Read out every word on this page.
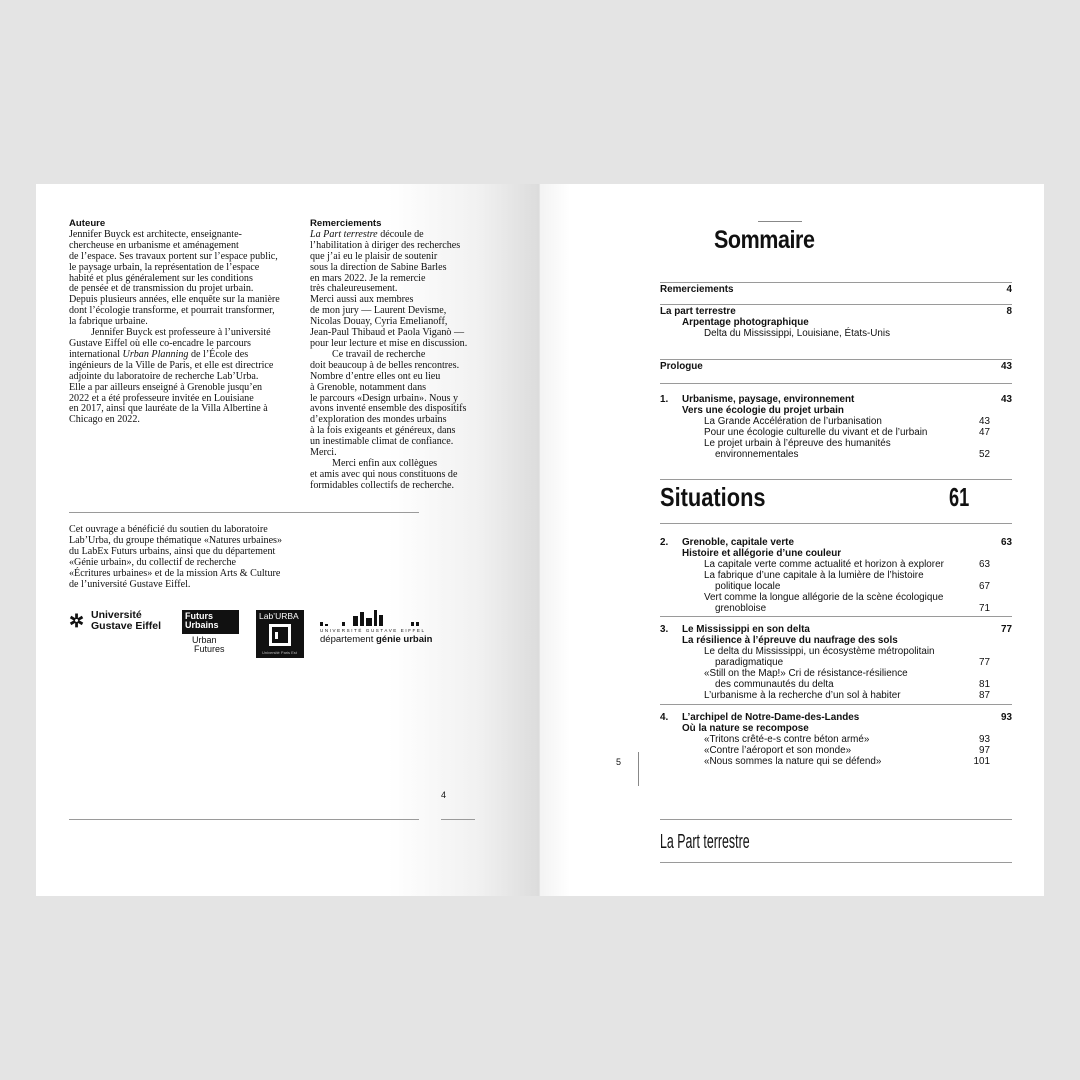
Auteure
Jennifer Buyck est architecte, enseignante-
chercheuse en urbanisme et aménagement
de l’espace. Ses travaux portent sur l’espace public,
le paysage urbain, la représentation de l’espace
habité et plus généralement sur les conditions
de pensée et de transmission du projet urbain.
Depuis plusieurs années, elle enquête sur la manière
dont l’écologie transforme, et pourrait transformer,
la fabrique urbaine.
Jennifer Buyck est professeure à l’université
Gustave Eiffel où elle co-encadre le parcours
international Urban Planning de l’École des
ingénieurs de la Ville de Paris, et elle est directrice
adjointe du laboratoire de recherche Lab’Urba.
Elle a par ailleurs enseigné à Grenoble jusqu’en
2022 et a été professeure invitée en Louisiane
en 2017, ainsi que lauréate de la Villa Albertine à
Chicago en 2022.
Remerciements
La Part terrestre découle de
l’habilitation à diriger des recherches
que j’ai eu le plaisir de soutenir
sous la direction de Sabine Barles
en mars 2022. Je la remercie
très chaleureusement.
Merci aussi aux membres
de mon jury — Laurent Devisme,
Nicolas Douay, Cyria Emelianoff,
Jean-Paul Thibaud et Paola Viganò —
pour leur lecture et mise en discussion.
Ce travail de recherche
doit beaucoup à de belles rencontres.
Nombre d’entre elles ont eu lieu
à Grenoble, notamment dans
le parcours «Design urbain». Nous y
avons inventé ensemble des dispositifs
d’exploration des mondes urbains
à la fois exigeants et généreux, dans
un inestimable climat de confiance.
Merci.
Merci enfin aux collègues
et amis avec qui nous constituons de
formidables collectifs de recherche.
Cet ouvrage a bénéficié du soutien du laboratoire
Lab’Urba, du groupe thématique «Natures urbaines»
du LabEx Futurs urbains, ainsi que du département
«Génie urbain», du collectif de recherche
«Écritures urbaines» et de la mission Arts & Culture
de l’université Gustave Eiffel.
✲ Université
Gustave Eiffel
Futurs
Urbains
Urban
Futures
Lab’URBA
Université Paris Est
UNIVERSITÉ GUSTAVE EIFFEL
département génie urbain
4
Sommaire
Remerciements	4
La part terrestre	8
Arpentage photographique
Delta du Mississippi, Louisiane, États-Unis
Prologue	43
1. Urbanisme, paysage, environnement	43
Vers une écologie du projet urbain
La Grande Accélération de l’urbanisation	43
Pour une écologie culturelle du vivant et de l’urbain	47
Le projet urbain à l’épreuve des humanités
environnementales	52
Situations	61
2. Grenoble, capitale verte	63
Histoire et allégorie d’une couleur
La capitale verte comme actualité et horizon à explorer	63
La fabrique d’une capitale à la lumière de l’histoire
politique locale	67
Vert comme la longue allégorie de la scène écologique
grenobloise	71
3. Le Mississippi en son delta	77
La résilience à l’épreuve du naufrage des sols
Le delta du Mississippi, un écosystème métropolitain
paradigmatique	77
«Still on the Map!» Cri de résistance-résilience
des communautés du delta	81
L’urbanisme à la recherche d’un sol à habiter	87
4. L’archipel de Notre-Dame-des-Landes	93
Où la nature se recompose
«Tritons crêté-e-s contre béton armé»	93
«Contre l’aéroport et son monde»	97
«Nous sommes la nature qui se défend»	101
5
La Part terrestre
